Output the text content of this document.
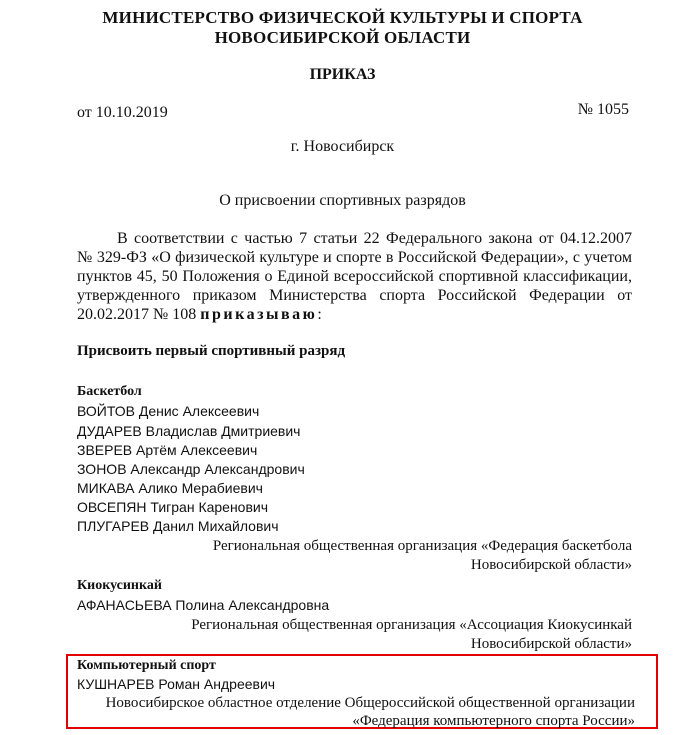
МИНИСТЕРСТВО ФИЗИЧЕСКОЙ КУЛЬТУРЫ И СПОРТА
НОВОСИБИРСКОЙ ОБЛАСТИ
ПРИКАЗ
от 10.10.2019	№ 1055
г. Новосибирск
О присвоении спортивных разрядов
В соответствии с частью 7 статьи 22 Федерального закона от 04.12.2007
№ 329-ФЗ «О физической культуре и спорте в Российской Федерации», с учетом
пунктов 45, 50 Положения о Единой всероссийской спортивной классификации,
утвержденного приказом Министерства спорта Российской Федерации от
20.02.2017 № 108 приказываю:
Присвоить первый спортивный разряд
Баскетбол
ВОЙТОВ Денис Алексеевич
ДУДАРЕВ Владислав Дмитриевич
ЗВЕРЕВ Артём Алексеевич
ЗОНОВ Александр Александрович
МИКАВА Алико Мерабиевич
ОВСЕПЯН Тигран Каренович
ПЛУГАРЕВ Данил Михайлович
Региональная общественная организация «Федерация баскетбола
Новосибирской области»
Киокусинкай
АФАНАСЬЕВА Полина Александровна
Региональная общественная организация «Ассоциация Киокусинкай
Новосибирской области»
Компьютерный спорт
КУШНАРЕВ Роман Андреевич
Новосибирское областное отделение Общероссийской общественной организации
«Федерация компьютерного спорта России»
